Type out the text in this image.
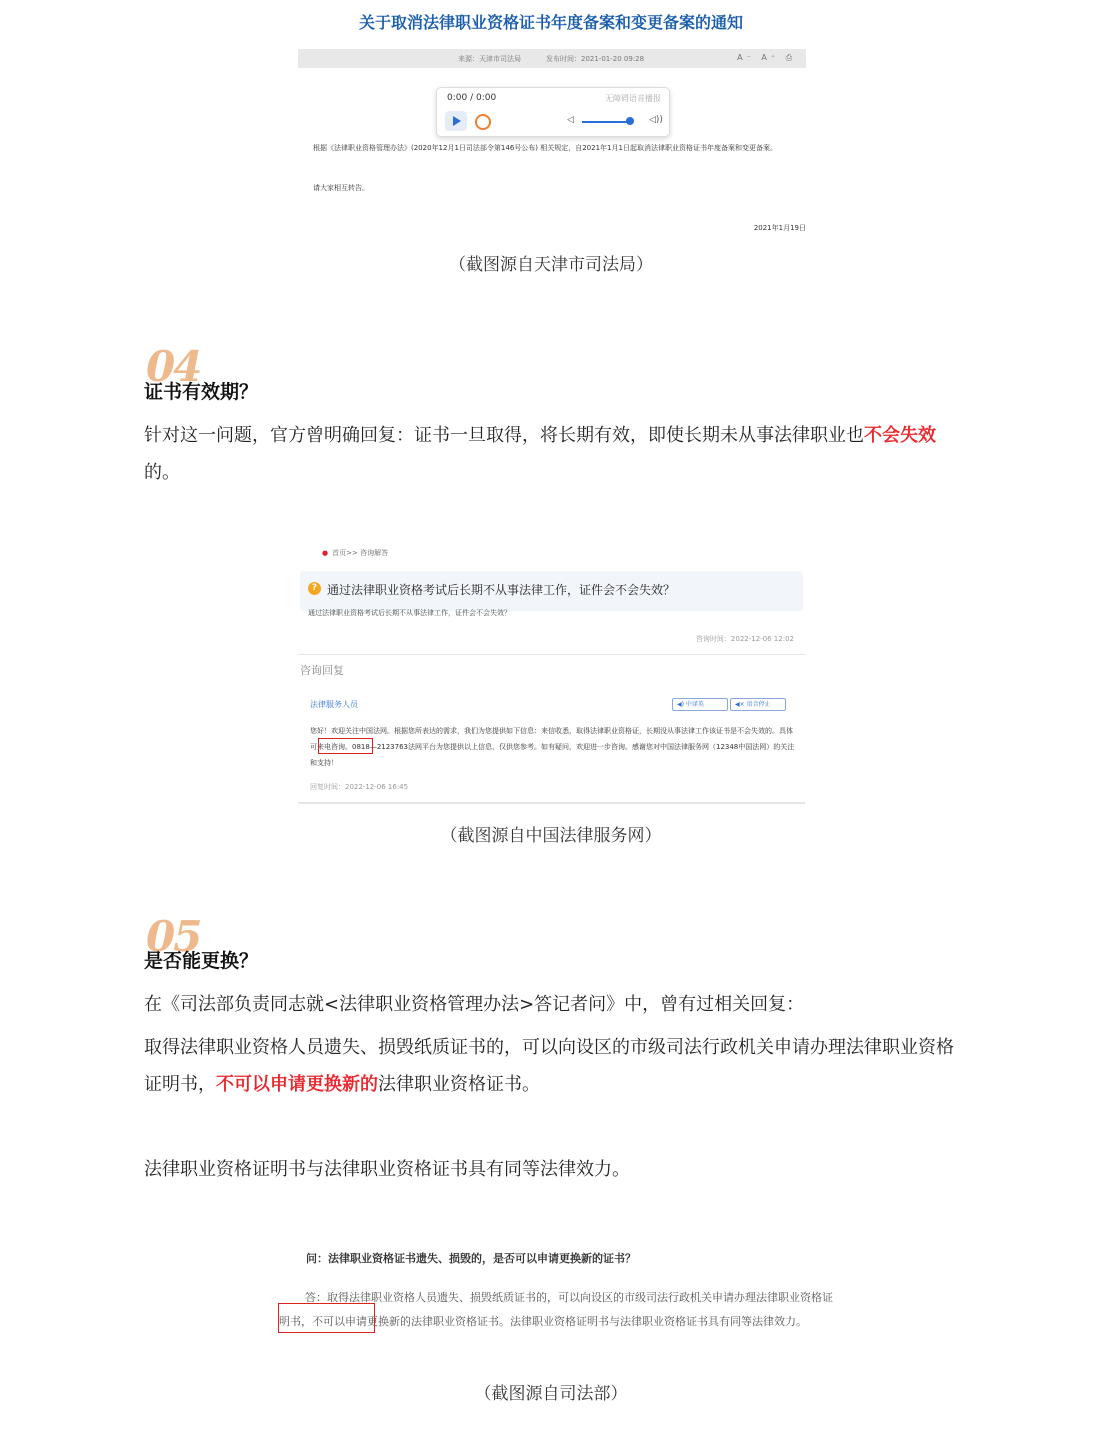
关于取消法律职业资格证书年度备案和变更备案的通知
来源：天津市司法局	发布时间：2021-01-20 09:28	A⁻ A⁺ ⎙
0:00 / 0:00	无障碍语音播报
◁	◁))
根据《法律职业资格管理办法》(2020年12月1日司法部令第146号公布) 相关规定，自2021年1月1日起取消法律职业资格证书年度备案和变更备案。
请大家相互转告。
2021年1月19日
（截图源自天津市司法局）
04
证书有效期？
针对这一问题，官方曾明确回复：证书一旦取得，将长期有效，即使长期未从事法律职业也不会失效的。
● 首页>> 咨询解答
? 通过法律职业资格考试后长期不从事法律工作，证件会不会失效？
通过法律职业资格考试后长期不从事法律工作，证件会不会失效？
咨询时间：2022-12-06 12:02
咨询回复
法律服务人员	◀) 中译英	◀× 语音停止
您好！欢迎关注中国法网。根据您所表达的需求，我们为您提供如下信息：来信收悉，取得法律职业资格证，长期没从事法律工作该证书是不会失效的。具体可来电咨询。0818—2123763法网平台为您提供以上信息，仅供您参考。如有疑问，欢迎进一步咨询。感谢您对中国法律服务网（12348中国法网）的关注和支持！
回复时间：2022-12-06 16:45
（截图源自中国法律服务网）
05
是否能更换？
在《司法部负责同志就<法律职业资格管理办法>答记者问》中，曾有过相关回复：
取得法律职业资格人员遗失、损毁纸质证书的，可以向设区的市级司法行政机关申请办理法律职业资格证明书，不可以申请更换新的法律职业资格证书。
法律职业资格证明书与法律职业资格证书具有同等法律效力。
问：法律职业资格证书遗失、损毁的，是否可以申请更换新的证书？
答：取得法律职业资格人员遗失、损毁纸质证书的，可以向设区的市级司法行政机关申请办理法律职业资格证明书，不可以申请更换新的法律职业资格证书。法律职业资格证明书与法律职业资格证书具有同等法律效力。
（截图源自司法部）
